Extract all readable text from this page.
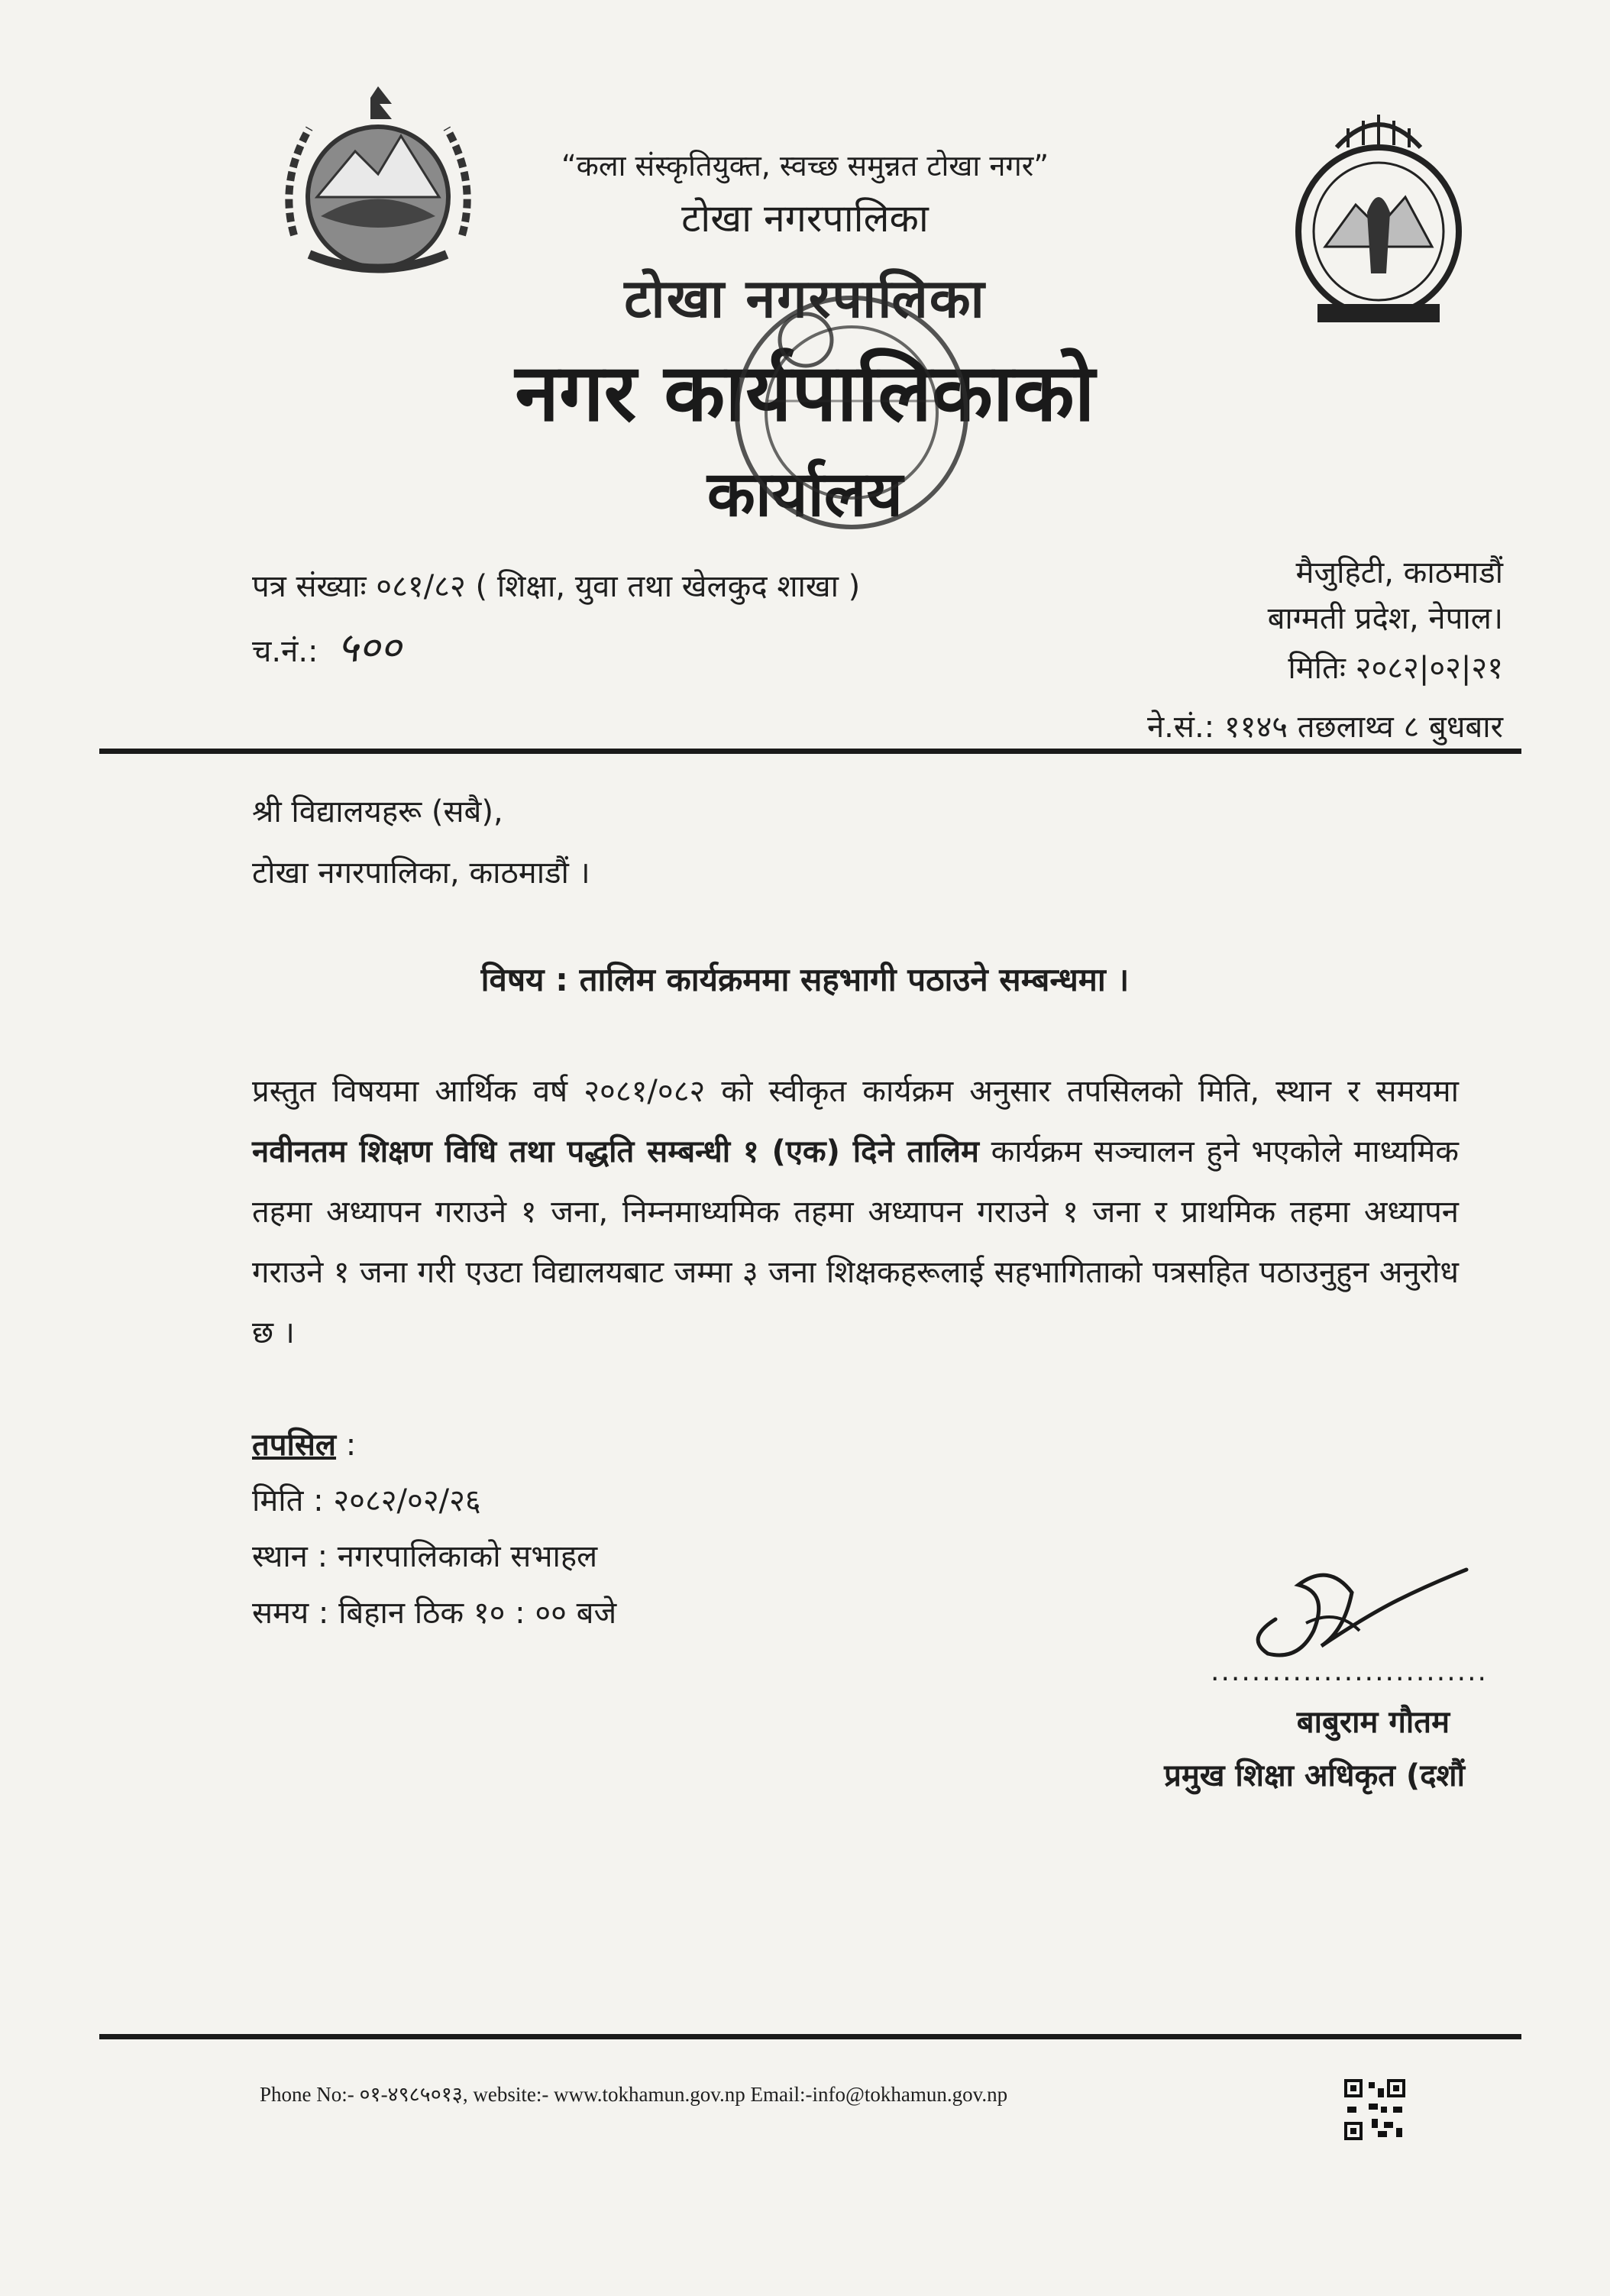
“कला संस्कृतियुक्त, स्वच्छ समुन्नत टोखा नगर”
टोखा नगरपालिका
टोखा नगरपालिका
नगर कार्यपालिकाको
कार्यालय
पत्र संख्याः ०८१/८२ ( शिक्षा, युवा तथा खेलकुद शाखा )
च.नं.: ५००
मैजुहिटी, काठमाडौं
बाग्मती प्रदेश, नेपाल।
मितिः २०८२|०२|२१
ने.सं.: ११४५ तछलाथ्व ८ बुधबार
श्री विद्यालयहरू (सबै),
टोखा नगरपालिका, काठमाडौं ।
विषय : तालिम कार्यक्रममा सहभागी पठाउने सम्बन्धमा ।
प्रस्तुत विषयमा आर्थिक वर्ष २०८१/०८२ को स्वीकृत कार्यक्रम अनुसार तपसिलको मिति, स्थान र समयमा नवीनतम शिक्षण विधि तथा पद्धति सम्बन्धी १ (एक) दिने तालिम कार्यक्रम सञ्चालन हुने भएकोले माध्यमिक तहमा अध्यापन गराउने १ जना, निम्नमाध्यमिक तहमा अध्यापन गराउने १ जना र प्राथमिक तहमा अध्यापन गराउने १ जना गरी एउटा विद्यालयबाट जम्मा ३ जना शिक्षकहरूलाई सहभागिताको पत्रसहित पठाउनुहुन अनुरोध छ ।
तपसिल :
मिति : २०८२/०२/२६
स्थान : नगरपालिकाको सभाहल
समय : बिहान ठिक १० : ०० बजे
...........................
बाबुराम गौतम
प्रमुख शिक्षा अधिकृत (दशौं
Phone No:- ०१-४९८५०१३, website:- www.tokhamun.gov.np Email:-info@tokhamun.gov.np
